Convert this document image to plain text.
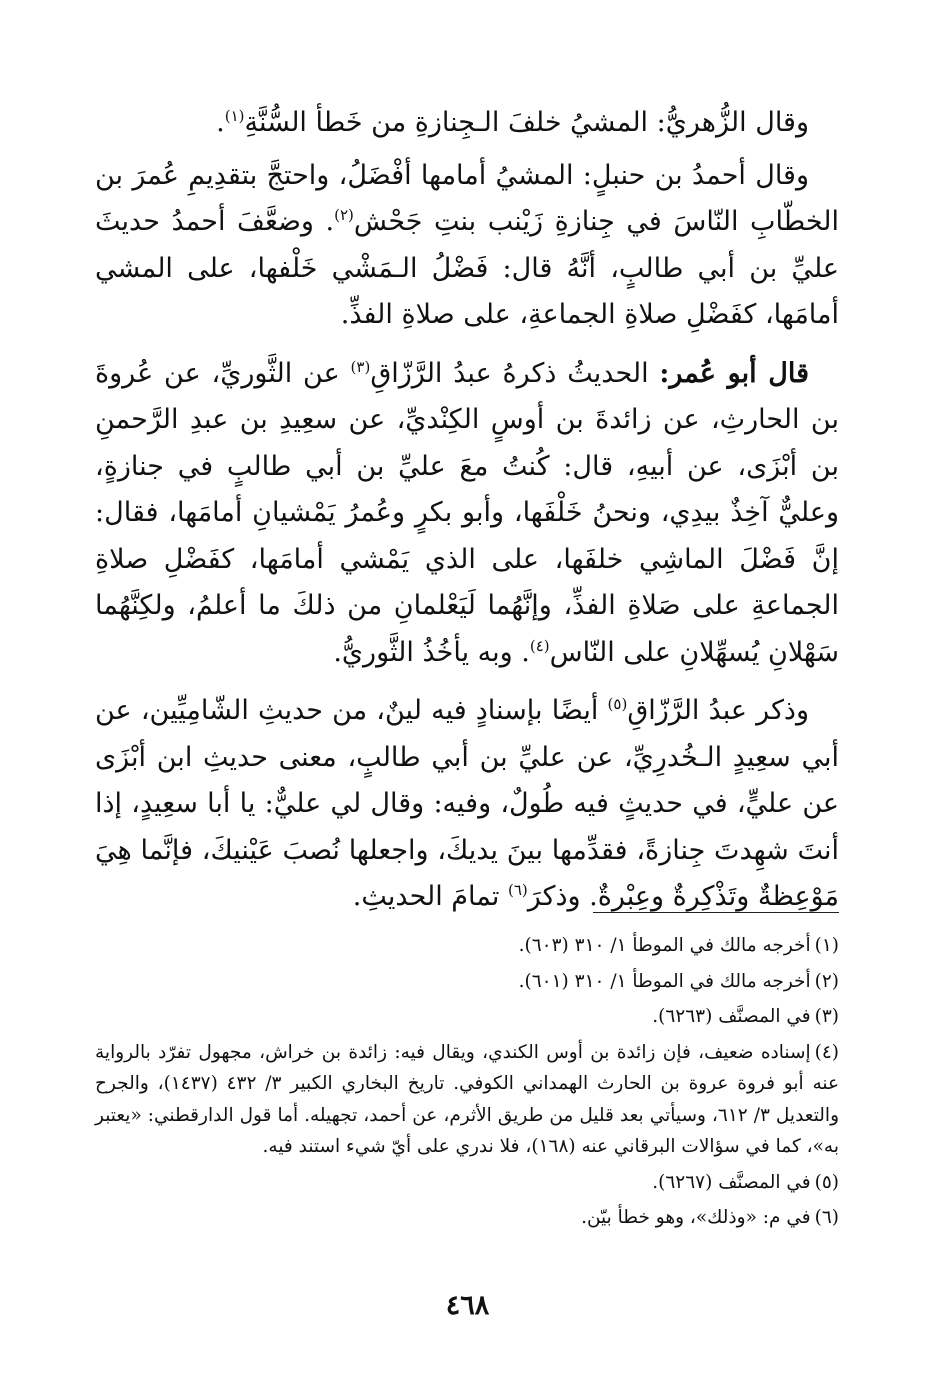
وقال الزُّهريُّ: المشيُ خلفَ الـجِنازةِ من خَطأ السُّنَّةِ$^{(١)}$.

وقال أحمدُ بن حنبلٍ: المشيُ أمامها أفْضَلُ، واحتجَّ بتقدِيمِ عُمرَ بن الخطّابِ النّاسَ في جِنازةِ زَيْنب بنتِ جَحْش$^{(٢)}$. وضعَّفَ أحمدُ حديثَ عليِّ بن أبي طالبٍ، أنَّهُ قال: فَضْلُ الـمَشْي خَلْفها، على المشي أمامَها، كفَضْلِ صلاةِ الجماعةِ، على صلاةِ الفذِّ.

قال أبو عُمر: الحديثُ ذكرهُ عبدُ الرَّزّاقِ$^{(٣)}$ عن الثَّوريِّ، عن عُروةَ بن الحارثِ، عن زائدةَ بن أوسٍ الكِنْديِّ، عن سعِيدِ بن عبدِ الرَّحمنِ بن أبْزَى، عن أبيهِ، قال: كُنتُ معَ عليِّ بن أبي طالبٍ في جنازةٍ، وعليٌّ آخِذٌ بيدِي، ونحنُ خَلْفَها، وأبو بكرٍ وعُمرُ يَمْشيانِ أمامَها، فقال: إنَّ فَضْلَ الماشِي خلفَها، على الذي يَمْشي أمامَها، كفَضْلِ صلاةِ الجماعةِ على صَلاةِ الفذِّ، وإنَّهُما لَيَعْلمانِ من ذلكَ ما أعلمُ، ولكِنَّهُما سَهْلانِ يُسهِّلانِ على النّاس$^{(٤)}$. وبه يأخُذُ الثَّوريُّ.

وذكر عبدُ الرَّزّاقِ$^{(٥)}$ أيضًا بإسنادٍ فيه لينٌ، من حديثِ الشّامِيِّين، عن أبي سعِيدٍ الـخُدرِيِّ، عن عليِّ بن أبي طالبٍ، معنى حديثِ ابن أبْزَى عن عليٍّ، في حديثٍ فيه طُولٌ، وفيه: وقال لي عليٌّ: يا أبا سعِيدٍ، إذا أنتَ شهِدتَ جِنازةً، فقدِّمها بينَ يديكَ، واجعلها نُصبَ عَيْنيكَ، فإنَّما هِيَ مَوْعِظةٌ وتَذْكِرةٌ وعِبْرةٌ. وذكرَ$^{(٦)}$ تمامَ الحديثِ.

(١)أخرجه مالك في الموطأ ١/ ٣١٠ (٦٠٣).

(٢)أخرجه مالك في الموطأ ١/ ٣١٠ (٦٠١).

(٣)في المصنَّف (٦٢٦٣).

(٤)إسناده ضعيف، فإن زائدة بن أوس الكندي، ويقال فيه: زائدة بن خراش، مجهول تفرّد بالرواية عنه أبو فروة عروة بن الحارث الهمداني الكوفي. تاريخ البخاري الكبير ٣/ ٤٣٢ (١٤٣٧)، والجرح والتعديل ٣/ ٦١٢، وسيأتي بعد قليل من طريق الأثرم، عن أحمد، تجهيله. أما قول الدارقطني: «يعتبر به»، كما في سؤالات البرقاني عنه (١٦٨)، فلا ندري على أيّ شيء استند فيه.

(٥)في المصنَّف (٦٢٦٧).

(٦)في م: «وذلك»، وهو خطأ بيّن.

٤٦٨
